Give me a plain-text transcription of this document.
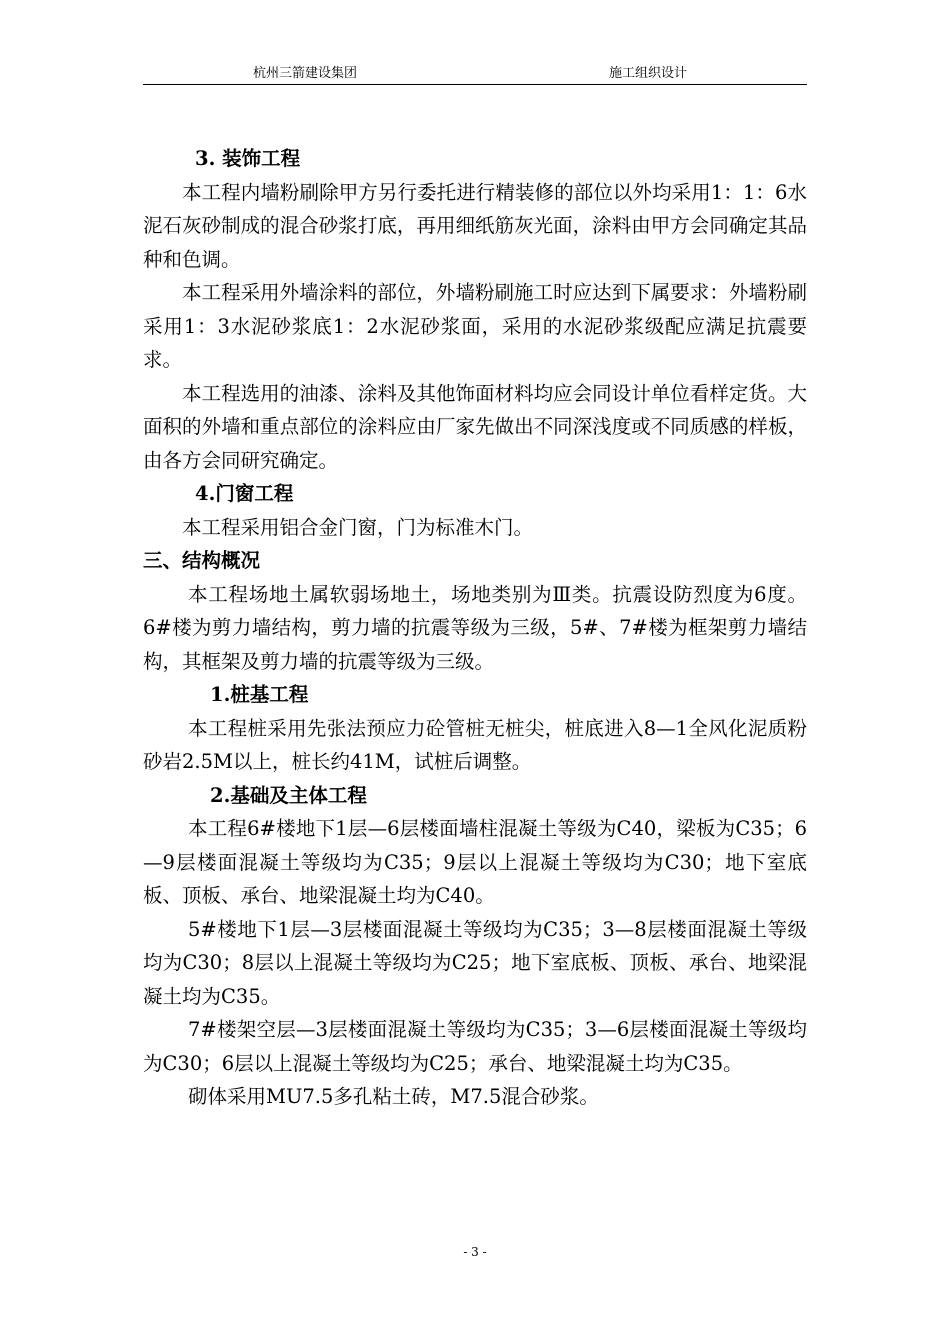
杭州三箭建设集团	施工组织设计

3. 装饰工程

本工程内墙粉刷除甲方另行委托进行精装修的部位以外均采用1：1：6水泥石灰砂制成的混合砂浆打底，再用细纸筋灰光面，涂料由甲方会同确定其品种和色调。

本工程采用外墙涂料的部位，外墙粉刷施工时应达到下属要求：外墙粉刷采用1：3水泥砂浆底1：2水泥砂浆面，采用的水泥砂浆级配应满足抗震要求。

本工程选用的油漆、涂料及其他饰面材料均应会同设计单位看样定货。大面积的外墙和重点部位的涂料应由厂家先做出不同深浅度或不同质感的样板，由各方会同研究确定。

4.门窗工程

本工程采用铝合金门窗，门为标准木门。

三、结构概况

本工程场地土属软弱场地土，场地类别为Ⅲ类。抗震设防烈度为6度。6#楼为剪力墙结构，剪力墙的抗震等级为三级，5#、7#楼为框架剪力墙结构，其框架及剪力墙的抗震等级为三级。

1.桩基工程

本工程桩采用先张法预应力砼管桩无桩尖，桩底进入8—1全风化泥质粉砂岩2.5M以上，桩长约41M，试桩后调整。

2.基础及主体工程

本工程6#楼地下1层—6层楼面墙柱混凝土等级为C40，梁板为C35；6—9层楼面混凝土等级均为C35；9层以上混凝土等级均为C30；地下室底板、顶板、承台、地梁混凝土均为C40。

5#楼地下1层—3层楼面混凝土等级均为C35；3—8层楼面混凝土等级均为C30；8层以上混凝土等级均为C25；地下室底板、顶板、承台、地梁混凝土均为C35。

7#楼架空层—3层楼面混凝土等级均为C35；3—6层楼面混凝土等级均为C30；6层以上混凝土等级均为C25；承台、地梁混凝土均为C35。

砌体采用MU7.5多孔粘土砖，M7.5混合砂浆。

- 3 -
